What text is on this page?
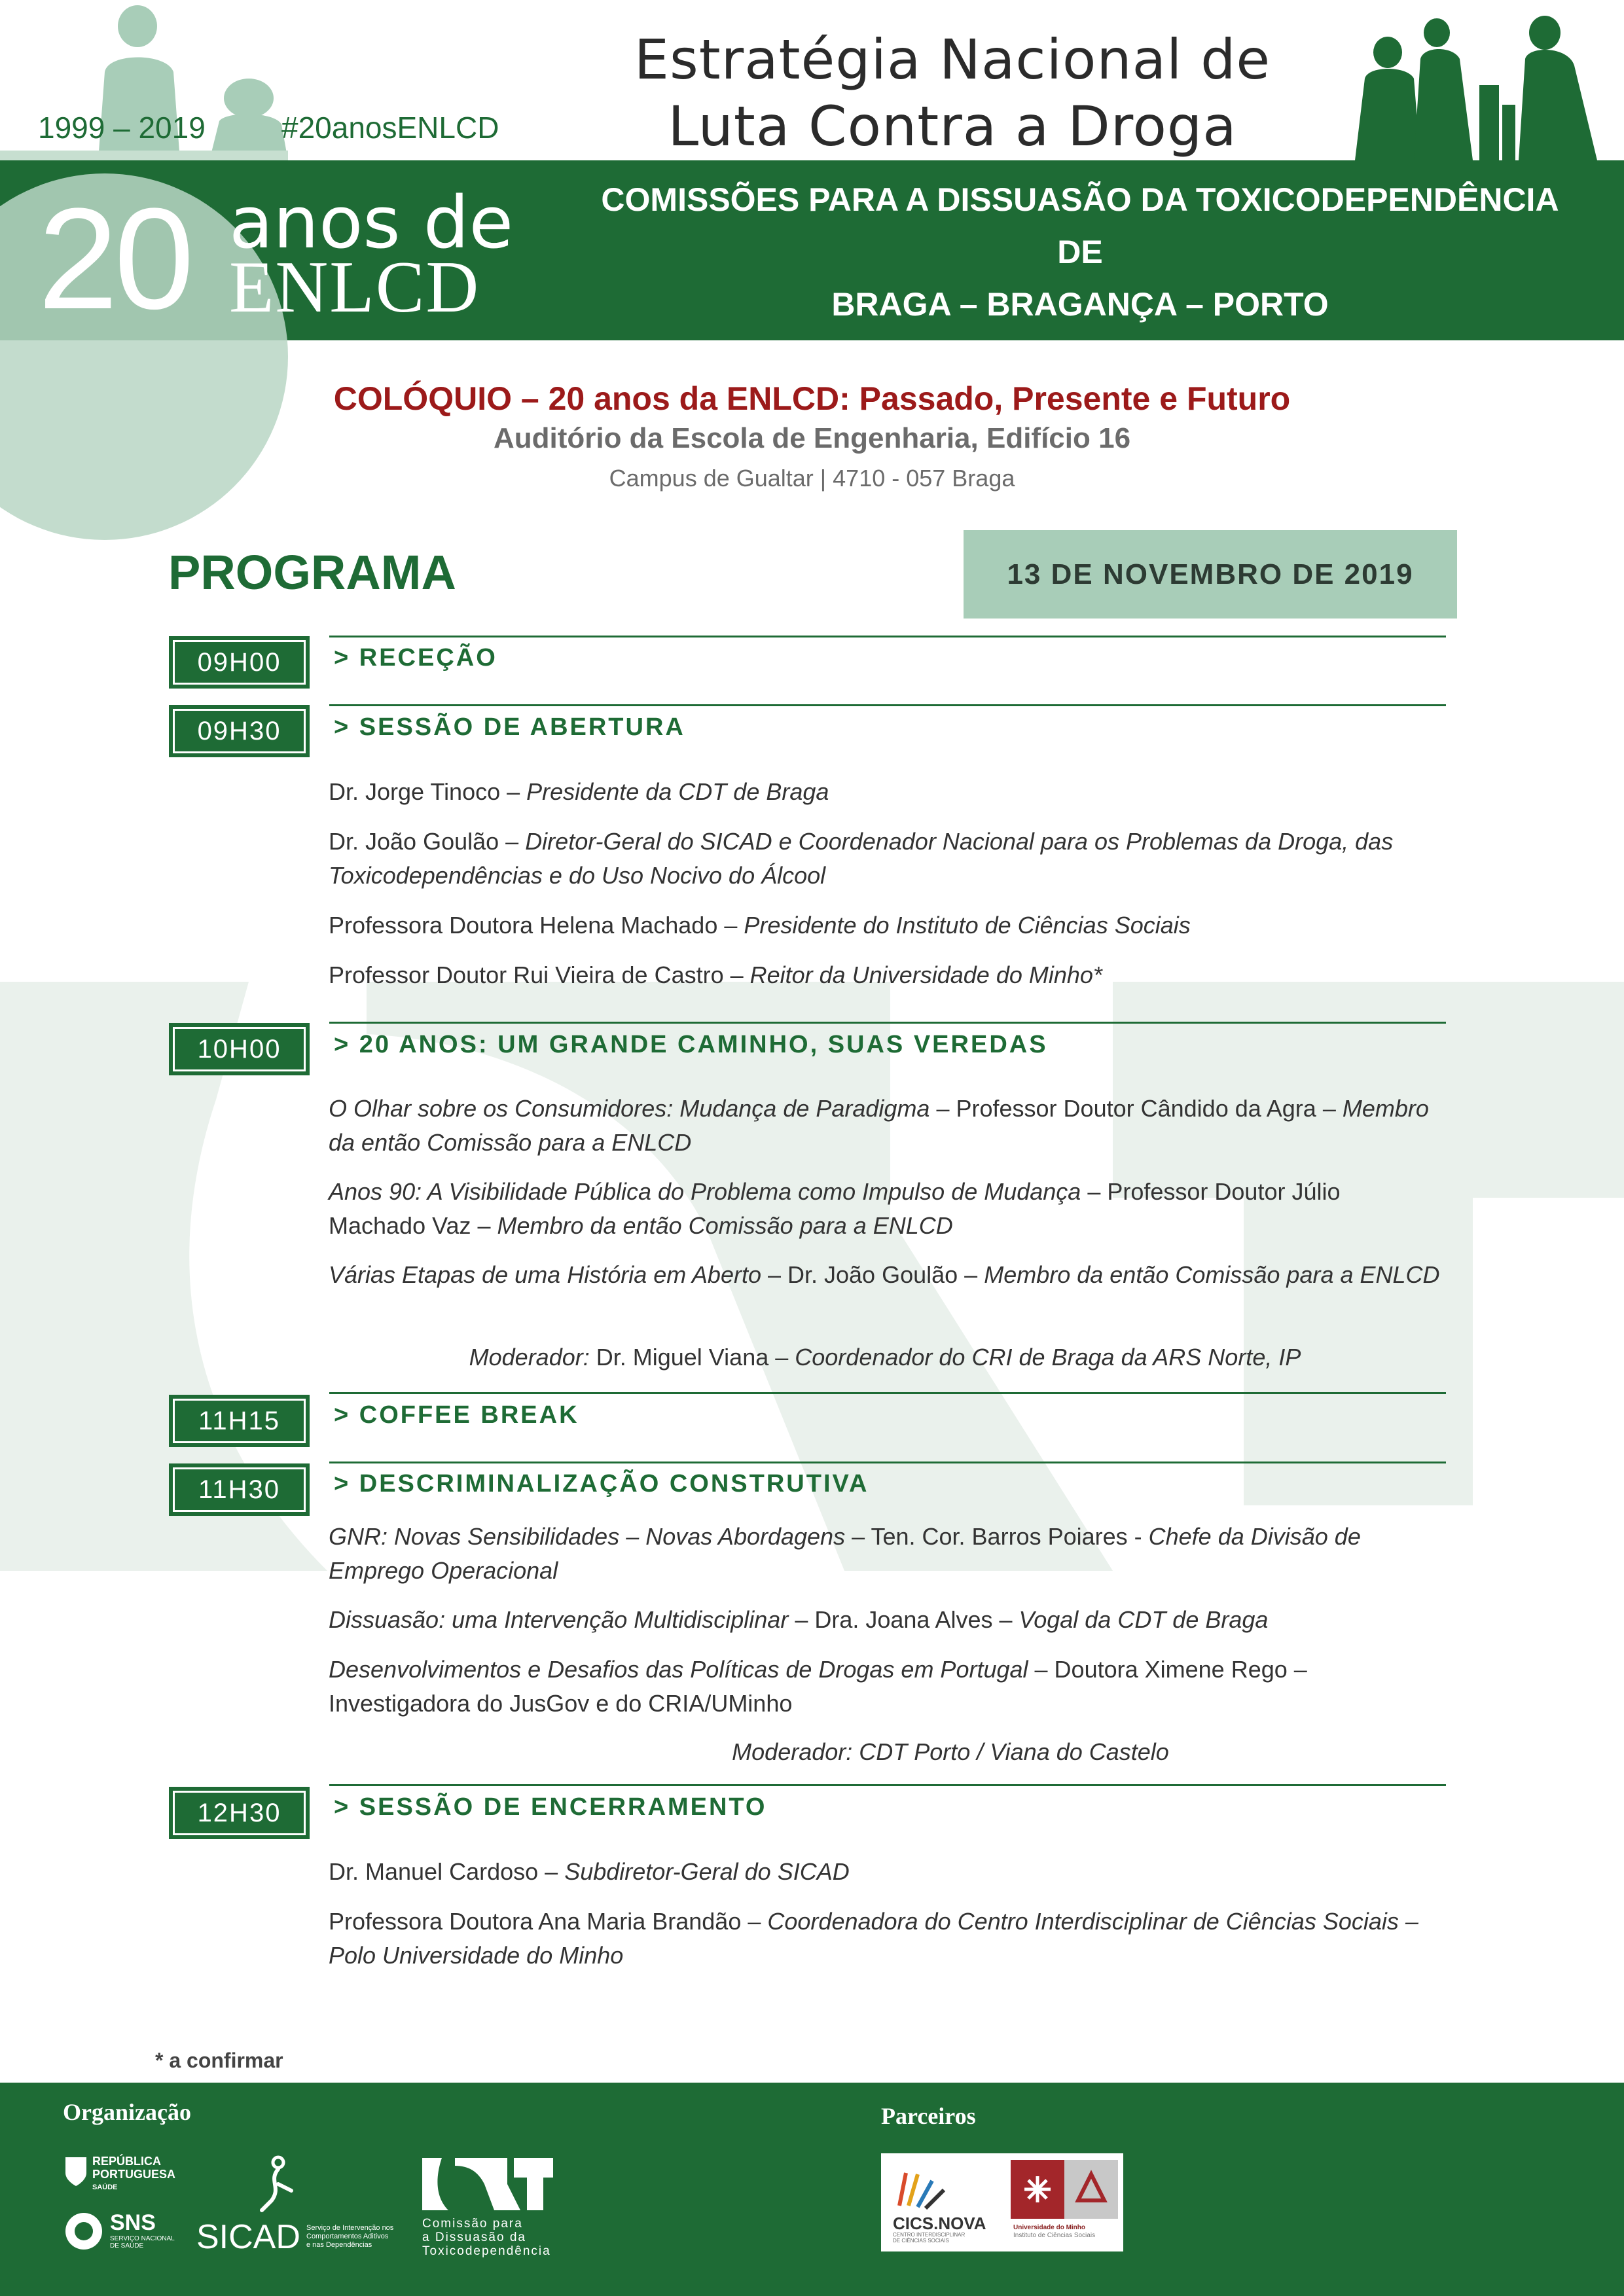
1999 – 2019	#20anosENLCD
Estratégia Nacional de
Luta Contra a Droga
20 anos de
ENLCD
COMISSÕES PARA A DISSUASÃO DA TOXICODEPENDÊNCIA DE
BRAGA – BRAGANÇA – PORTO
VIANA DO CASTELO – VILA REAL
COLÓQUIO – 20 anos da ENLCD: Passado, Presente e Futuro
Auditório da Escola de Engenharia, Edifício 16
Campus de Gualtar | 4710 - 057 Braga
PROGRAMA	13 DE NOVEMBRO DE 2019
09H00	> RECEÇÃO
09H30	> SESSÃO DE ABERTURA
Dr. Jorge Tinoco – Presidente da CDT de Braga
Dr. João Goulão – Diretor-Geral do SICAD e Coordenador Nacional para os Problemas da Droga, das Toxicodependências e do Uso Nocivo do Álcool
Professora Doutora Helena Machado – Presidente do Instituto de Ciências Sociais
Professor Doutor Rui Vieira de Castro – Reitor da Universidade do Minho*
10H00	> 20 ANOS: UM GRANDE CAMINHO, SUAS VEREDAS
O Olhar sobre os Consumidores: Mudança de Paradigma – Professor Doutor Cândido da Agra – Membro da então Comissão para a ENLCD
Anos 90: A Visibilidade Pública do Problema como Impulso de Mudança – Professor Doutor Júlio Machado Vaz – Membro da então Comissão para a ENLCD
Várias Etapas de uma História em Aberto – Dr. João Goulão – Membro da então Comissão para a ENLCD
Moderador: Dr. Miguel Viana – Coordenador do CRI de Braga da ARS Norte, IP
11H15	> COFFEE BREAK
11H30	> DESCRIMINALIZAÇÃO CONSTRUTIVA
GNR: Novas Sensibilidades – Novas Abordagens – Ten. Cor. Barros Poiares - Chefe da Divisão de Emprego Operacional
Dissuasão: uma Intervenção Multidisciplinar – Dra. Joana Alves – Vogal da CDT de Braga
Desenvolvimentos e Desafios das Políticas de Drogas em Portugal – Doutora Ximene Rego – Investigadora do JusGov e do CRIA/UMinho
Moderador: CDT Porto / Viana do Castelo
12H30	> SESSÃO DE ENCERRAMENTO
Dr. Manuel Cardoso – Subdiretor-Geral do SICAD
Professora Doutora Ana Maria Brandão – Coordenadora do Centro Interdisciplinar de Ciências Sociais – Polo Universidade do Minho
* a confirmar
Organização	Parceiros
REPÚBLICA
PORTUGUESA
SAÚDE
SNS
SERVIÇO NACIONAL
DE SAÚDE	SICAD Serviço de Intervenção nos
Comportamentos Aditivos
e nas Dependências
Comissão para
a Dissuasão da
Toxicodependência
CICS.NOVA
CENTRO INTERDISCIPLINAR
DE CIÊNCIAS SOCIAIS
Universidade do Minho
Instituto de Ciências Sociais
